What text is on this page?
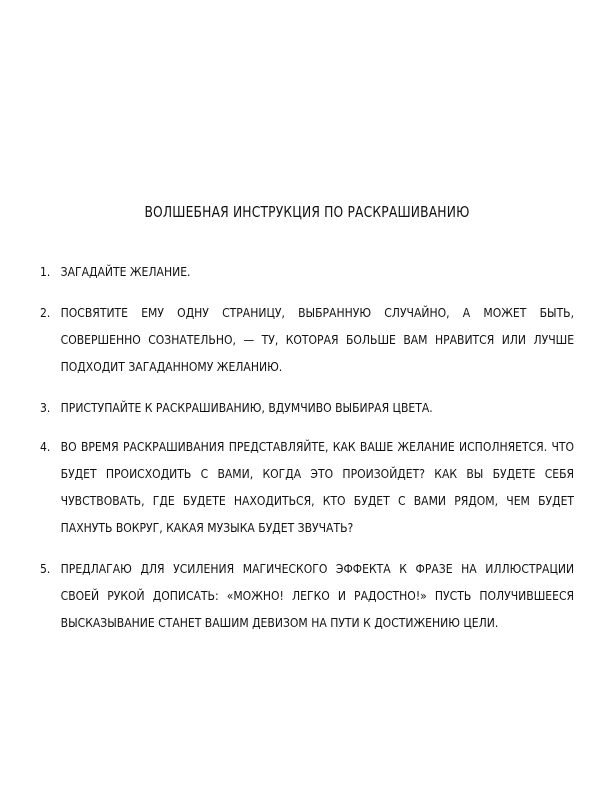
ВОЛШЕБНАЯ ИНСТРУКЦИЯ ПО РАСКРАШИВАНИЮ
1. ЗАГАДАЙТЕ ЖЕЛАНИЕ.
2. ПОСВЯТИТЕ ЕМУ ОДНУ СТРАНИЦУ, ВЫБРАННУЮ СЛУЧАЙНО, А МОЖЕТ БЫТЬ, СОВЕРШЕННО СОЗНАТЕЛЬНО, — ТУ, КОТОРАЯ БОЛЬШЕ ВАМ НРАВИТСЯ ИЛИ ЛУЧШЕ ПОДХОДИТ ЗАГАДАННОМУ ЖЕЛАНИЮ.
3. ПРИСТУПАЙТЕ К РАСКРАШИВАНИЮ, ВДУМЧИВО ВЫБИРАЯ ЦВЕТА.
4. ВО ВРЕМЯ РАСКРАШИВАНИЯ ПРЕДСТАВЛЯЙТЕ, КАК ВАШЕ ЖЕЛАНИЕ ИСПОЛНЯЕТСЯ. ЧТО БУДЕТ ПРОИСХОДИТЬ С ВАМИ, КОГДА ЭТО ПРОИЗОЙДЕТ? КАК ВЫ БУДЕТЕ СЕБЯ ЧУВСТВОВАТЬ, ГДЕ БУДЕТЕ НАХОДИТЬСЯ, КТО БУДЕТ С ВАМИ РЯДОМ, ЧЕМ БУДЕТ ПАХНУТЬ ВОКРУГ, КАКАЯ МУЗЫКА БУДЕТ ЗВУЧАТЬ?
5. ПРЕДЛАГАЮ ДЛЯ УСИЛЕНИЯ МАГИЧЕСКОГО ЭФФЕКТА К ФРАЗЕ НА ИЛЛЮСТРАЦИИ СВОЕЙ РУКОЙ ДОПИСАТЬ: «МОЖНО! ЛЕГКО И РАДОСТНО!» ПУСТЬ ПОЛУЧИВШЕЕСЯ ВЫСКАЗЫВАНИЕ СТАНЕТ ВАШИМ ДЕВИЗОМ НА ПУТИ К ДОСТИЖЕНИЮ ЦЕЛИ.
